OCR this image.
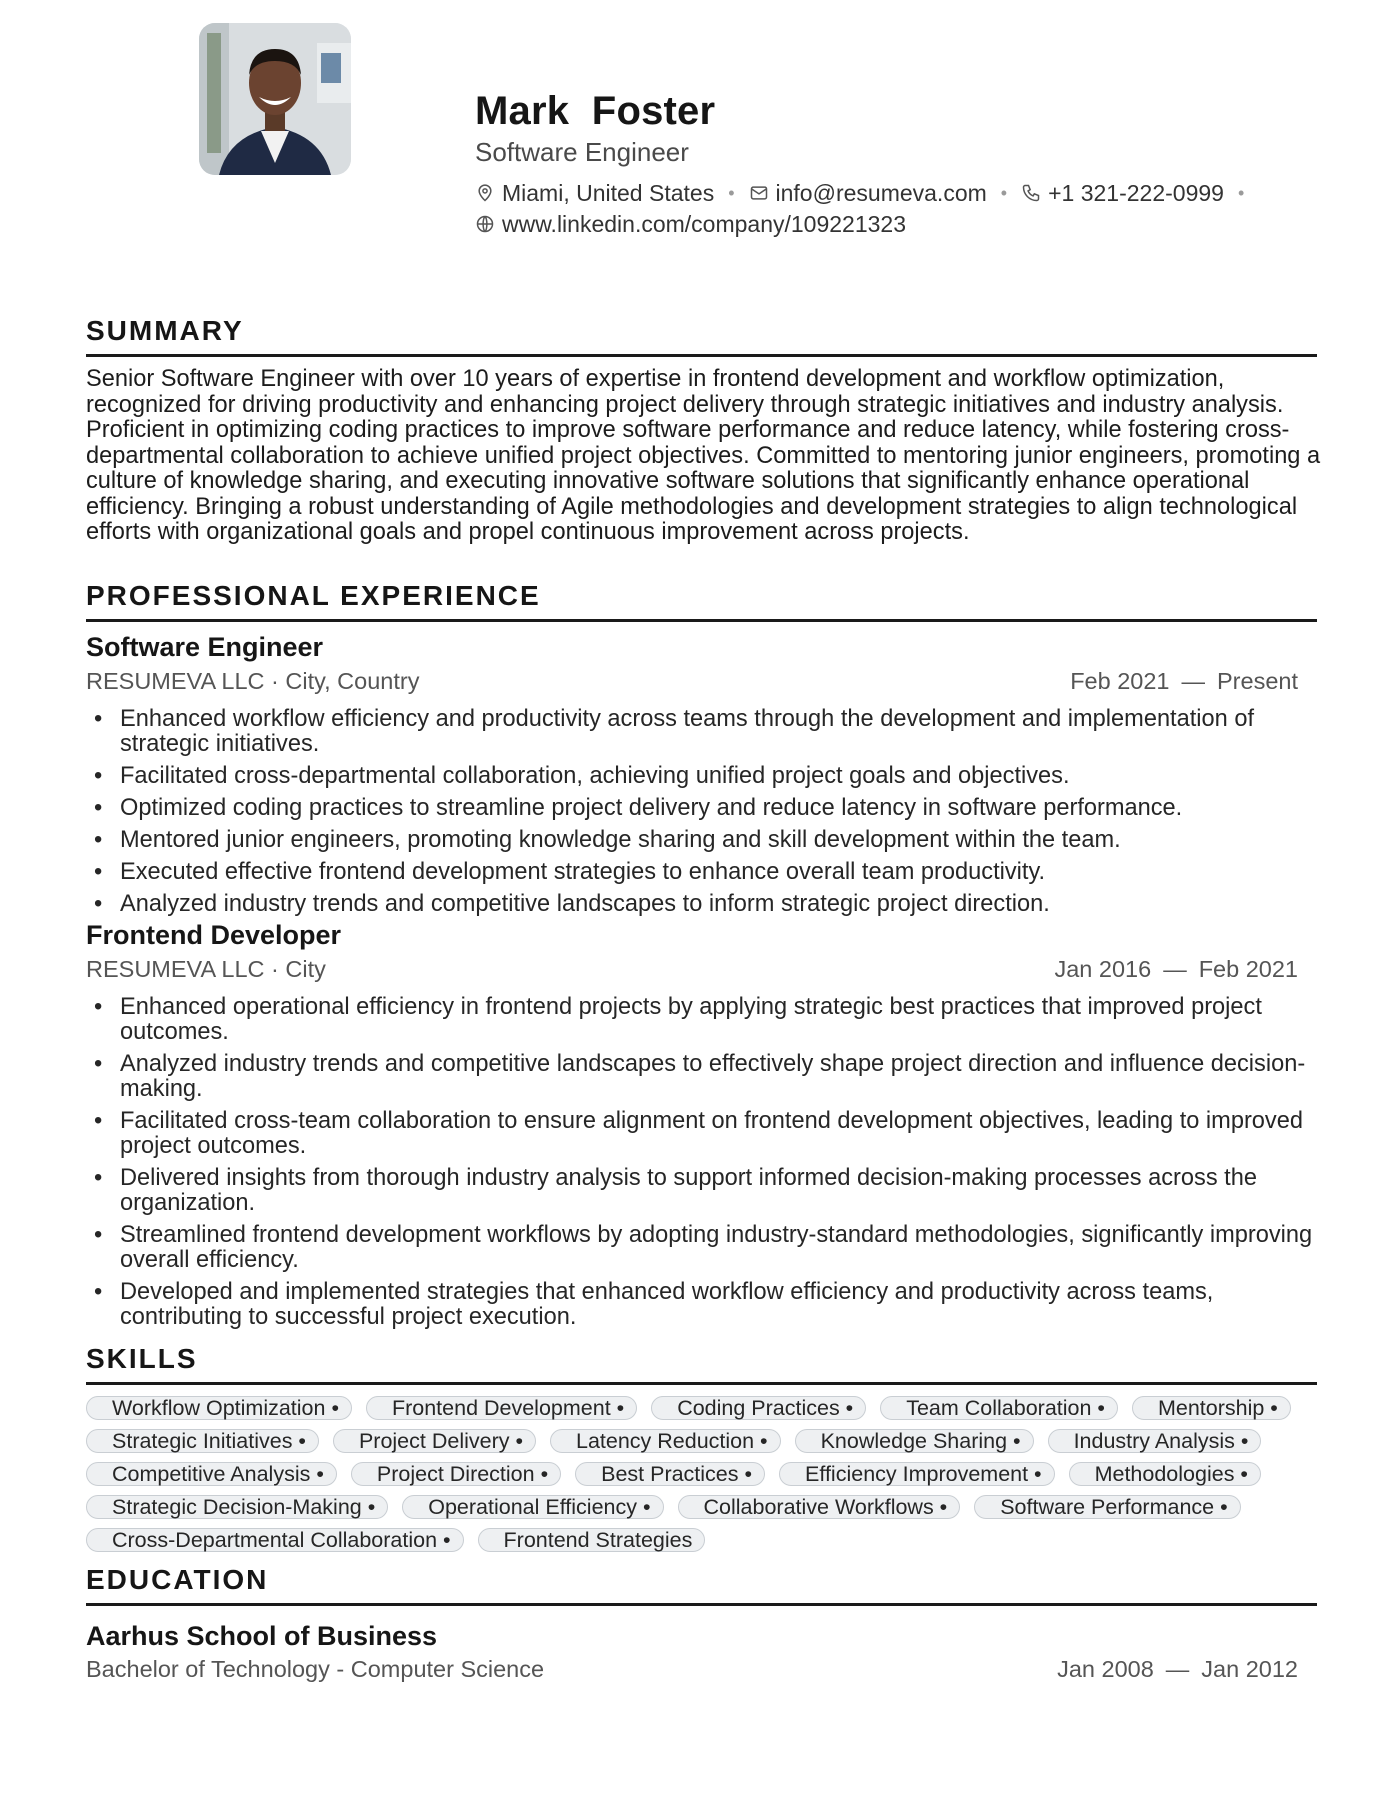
Mark  Foster
Software Engineer
Miami, United States • info@resumeva.com • +1 321-222-0999 •
www.linkedin.com/company/109221323
SUMMARY
Senior Software Engineer with over 10 years of expertise in frontend development and workflow optimization, recognized for driving productivity and enhancing project delivery through strategic initiatives and industry analysis. Proficient in optimizing coding practices to improve software performance and reduce latency, while fostering cross-departmental collaboration to achieve unified project objectives. Committed to mentoring junior engineers, promoting a culture of knowledge sharing, and executing innovative software solutions that significantly enhance operational efficiency. Bringing a robust understanding of Agile methodologies and development strategies to align technological efforts with organizational goals and propel continuous improvement across projects.
PROFESSIONAL EXPERIENCE
Software Engineer
RESUMEVA LLC · City, Country	Feb 2021 — Present
• Enhanced workflow efficiency and productivity across teams through the development and implementation of strategic initiatives.
• Facilitated cross-departmental collaboration, achieving unified project goals and objectives.
• Optimized coding practices to streamline project delivery and reduce latency in software performance.
• Mentored junior engineers, promoting knowledge sharing and skill development within the team.
• Executed effective frontend development strategies to enhance overall team productivity.
• Analyzed industry trends and competitive landscapes to inform strategic project direction.
Frontend Developer
RESUMEVA LLC · City	Jan 2016 — Feb 2021
• Enhanced operational efficiency in frontend projects by applying strategic best practices that improved project outcomes.
• Analyzed industry trends and competitive landscapes to effectively shape project direction and influence decision-making.
• Facilitated cross-team collaboration to ensure alignment on frontend development objectives, leading to improved project outcomes.
• Delivered insights from thorough industry analysis to support informed decision-making processes across the organization.
• Streamlined frontend development workflows by adopting industry-standard methodologies, significantly improving overall efficiency.
• Developed and implemented strategies that enhanced workflow efficiency and productivity across teams, contributing to successful project execution.
SKILLS
Workflow Optimization •	Frontend Development •	Coding Practices •	Team Collaboration •	Mentorship •
Strategic Initiatives •	Project Delivery •	Latency Reduction •	Knowledge Sharing •	Industry Analysis •
Competitive Analysis •	Project Direction •	Best Practices •	Efficiency Improvement •	Methodologies •
Strategic Decision-Making •	Operational Efficiency •	Collaborative Workflows •	Software Performance •
Cross-Departmental Collaboration •	Frontend Strategies
EDUCATION
Aarhus School of Business
Bachelor of Technology - Computer Science	Jan 2008 — Jan 2012
